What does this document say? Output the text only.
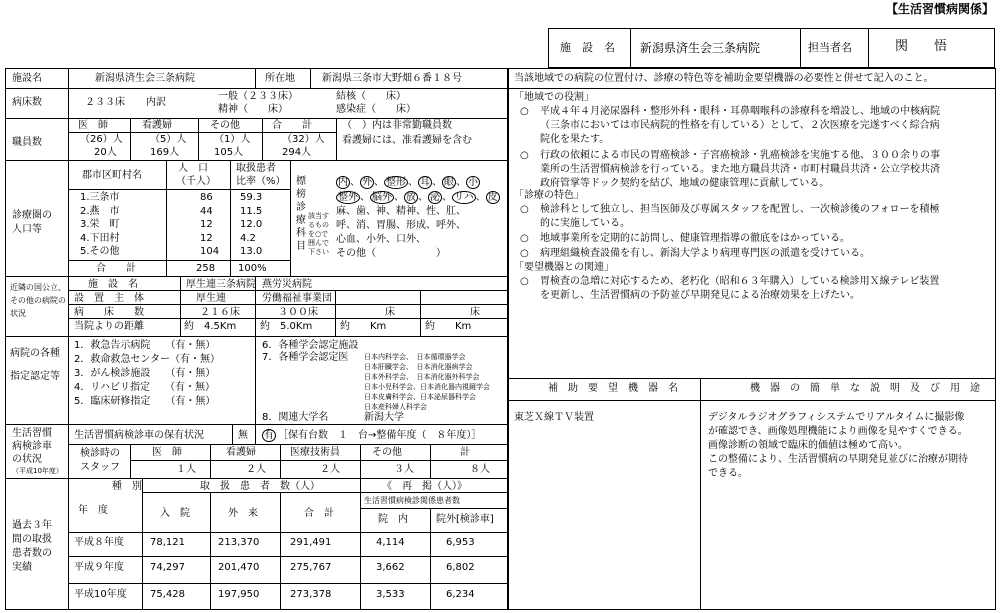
【生活習慣病関係】
施　設　名 新潟県済生会三条病院	担当者名	関　　悟
施設名	新潟県済生会三条病院	所在地	新潟県三条市大野畑６番１８号
病床数	２３３床 内訳
一般（２３３床）	結核（　　床）
精神（　　床）	感染症（　　床）
職員数
医　師	看護婦	その他	合　　計	（　）内は非常勤職員数
看護婦には、准看護婦を含む
（26）人	（5）人	（1）人	（32）人
20人	169人	105人	294人
診療圏の
人口等
郡市区町村名
人　口
（千人）
取扱患者
比率（%）
1.三条市	86	59.3
2.燕　市	44	11.5
3.栄　町	12	12.0
4.下田村	12	4.2
5.その他	104 13.0
合　　計	258 100%
標榜診療科目
該当するものを○で囲んで下さい
内 、 外 、 整形 、 耳 、 眼 、 小
整外 、 脳外 、 放 、 泌 、 リハ 、 皮
麻、歯、神、精神、性、肛、
呼、消、胃腸、形成、呼外、
心血、小外、口外、
その他（　　　　　　）
近隣の国公立、その他の病院の状況
施　設　名	厚生連三条病院 燕労災病院
設　置　主　体	厚生連	労働福祉事業団
病　　床　　数	２１６床	３００床	床	床
当院よりの距離	約　4.5Km 約　5.0Km	約　　Km	約　　Km
病院の各種
指定認定等
1．救急告示病院　　（有・無）
2．救命救急センター（有・無）
3．がん検診施設　　（有・無）
4．リハビリ指定　　（有・無）
5．臨床研修指定　　（有・無）
6．各種学会認定施設
7．各種学会認定医 日本内科学会、　日本循環器学会
日本肝臓学会、　日本消化器病学会
日本外科学会、　日本消化器外科学会
日本小児科学会、日本消化器内視鏡学会
日本皮膚科学会、日本泌尿器科学会
日本産科婦人科学会
8．関連大学名	新潟大学
生活習慣
病検診車
の状況
（平成10年度）
生活習慣病検診車の保有状況	無 有 ［保有台数　１　台→整備年度（　８年度）］
検診時の
スタッフ
医　師	看護婦	医療技術員	その他	計
１人	２人	２人	３人	８人
過去３年
間の取扱
患者数の
実績
種　別
年　度
取　扱　患　者　数（人）	《　再　掲（人）》
生活習慣病検診関係患者数
入　院	外　来	合　計
院　内	院外[検診車]
平成８年度	78,121	213,370	291,491	4,114	6,953
平成９年度	74,297	201,470	275,767	3,662	6,802
平成10年度 75,428	197,950	273,378	3,533	6,234
当該地域での病院の位置付け、診療の特色等を補助金要望機器の必要性と併せて記入のこと。
「地域での役割」
○ 平成４年４月泌尿器科・整形外科・眼科・耳鼻咽喉科の診療科を増設し、地域の中核病院
（三条市においては市民病院的性格を有している）として、２次医療を完遂すべく綜合病
院化を果たす。
○ 行政の依頼による市民の胃癌検診・子宮癌検診・乳癌検診を実施する他、３００余りの事
業所の生活習慣病検診を行っている。また地方職員共済・市町村職員共済・公立学校共済
政府管掌等ドック契約を結び、地域の健康管理に貢献している。
○ 検診科として独立し、担当医師及び専属スタッフを配置し、一次検診後のフォローを積極
的に実施している。
○ 地域事業所を定期的に訪問し、健康管理指導の徹底をはかっている。
○ 病理組織検査設備を有し、新潟大学より病理専門医の派遣を受けている。
○ 胃検査の急増に対応するため、老朽化（昭和６３年購入）している検診用Ｘ線テレビ装置
を更新し、生活習慣病の予防並び早期発見による治療効果を上げたい。
「診療の特色」
「要望機器との関連」
補　助　要　望　機　器　名	機　器　の　簡　単　な　説　明　及　び　用　途
東芝Ｘ線ＴＶ装置	デジタルラジオグラフィシステムでリアルタイムに撮影像
が確認でき、画像処理機能により画像を見やすくできる。
画像診断の領域で臨床的価値は極めて高い。
この整備により、生活習慣病の早期発見並びに治療が期待
できる。
